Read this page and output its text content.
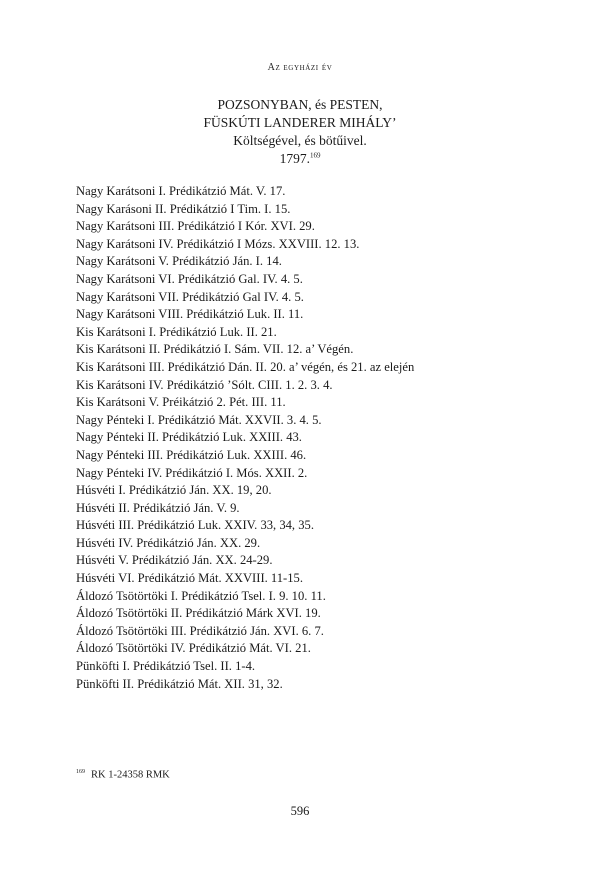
Az egyházi év
POZSONYBAN, és PESTEN,
FÜSKÚTI LANDERER MIHÁLY’
Költségével, és bötűivel.
1797.$^{169}$
Nagy Karátsoni I. Prédikátzió Mát. V. 17.
Nagy Karásoni II. Prédikátzió I Tim. I. 15.
Nagy Karátsoni III. Prédikátzió I Kór. XVI. 29.
Nagy Karátsoni IV. Prédikátzió I Mózs. XXVIII. 12. 13.
Nagy Karátsoni V. Prédikátzió Ján. I. 14.
Nagy Karátsoni VI. Prédikátzió Gal. IV. 4. 5.
Nagy Karátsoni VII. Prédikátzió Gal IV. 4. 5.
Nagy Karátsoni VIII. Prédikátzió Luk. II. 11.
Kis Karátsoni I. Prédikátzió Luk. II. 21.
Kis Karátsoni II. Prédikátzió I. Sám. VII. 12. a’ Végén.
Kis Karátsoni III. Prédikátzió Dán. II. 20. a’ végén, és 21. az elején
Kis Karátsoni IV. Prédikátzió ’Sólt. CIII. 1. 2. 3. 4.
Kis Karátsoni V. Préikátzió 2. Pét. III. 11.
Nagy Pénteki I. Prédikátzió Mát. XXVII. 3. 4. 5.
Nagy Pénteki II. Prédikátzió Luk. XXIII. 43.
Nagy Pénteki III. Prédikátzió Luk. XXIII. 46.
Nagy Pénteki IV. Prédikátzió I. Mós. XXII. 2.
Húsvéti I. Prédikátzió Ján. XX. 19, 20.
Húsvéti II. Prédikátzió Ján. V. 9.
Húsvéti III. Prédikátzió Luk. XXIV. 33, 34, 35.
Húsvéti IV. Prédikátzió Ján. XX. 29.
Húsvéti V. Prédikátzió Ján. XX. 24-29.
Húsvéti VI. Prédikátzió Mát. XXVIII. 11-15.
Áldozó Tsötörtöki I. Prédikátzió Tsel. I. 9. 10. 11.
Áldozó Tsötörtöki II. Prédikátzió Márk XVI. 19.
Áldozó Tsötörtöki III. Prédikátzió Ján. XVI. 6. 7.
Áldozó Tsötörtöki IV. Prédikátzió Mát. VI. 21.
Pünköfti I. Prédikátzió Tsel. II. 1-4.
Pünköfti II. Prédikátzió Mát. XII. 31, 32.
$^{169}$ RK 1-24358 RMK
596
